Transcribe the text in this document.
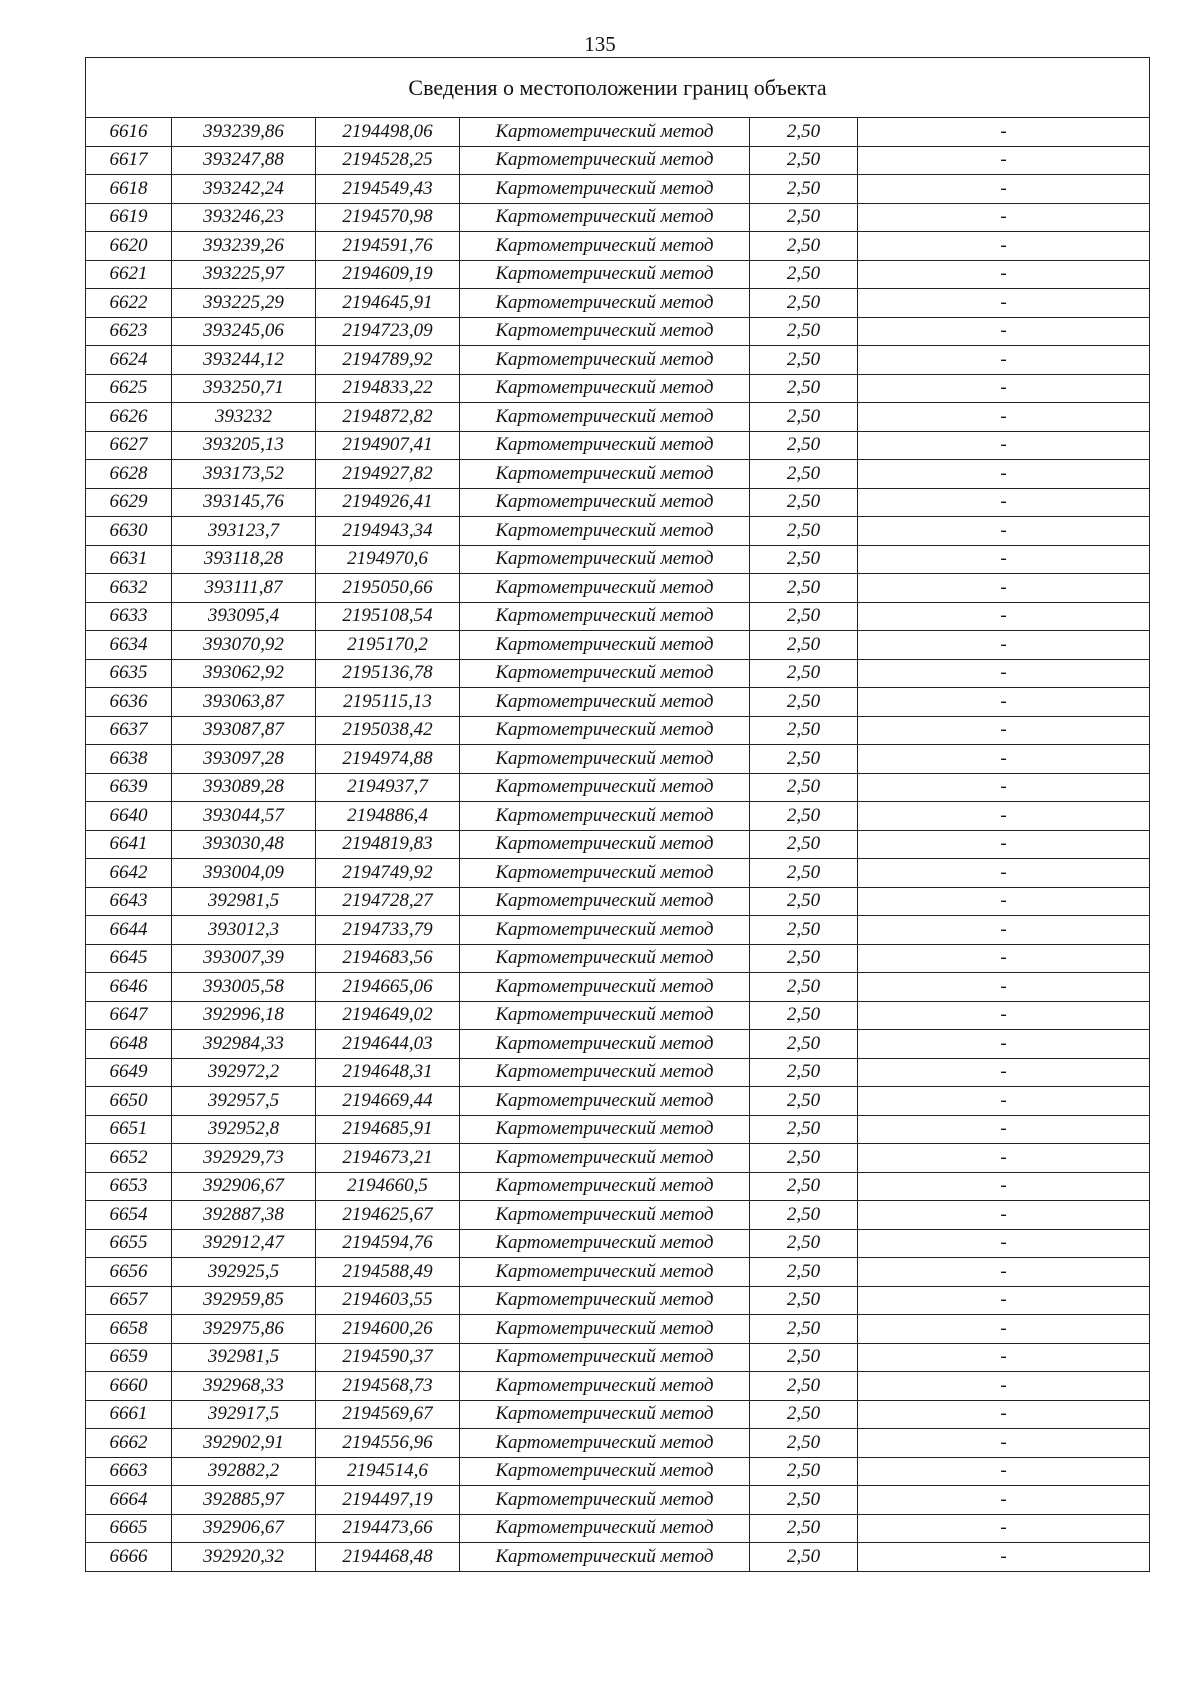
135
Сведения о местоположении границ объекта					
6616	393239,86	2194498,06	Картометрический метод	2,50	-
6617	393247,88	2194528,25	Картометрический метод	2,50	-
6618	393242,24	2194549,43	Картометрический метод	2,50	-
6619	393246,23	2194570,98	Картометрический метод	2,50	-
6620	393239,26	2194591,76	Картометрический метод	2,50	-
6621	393225,97	2194609,19	Картометрический метод	2,50	-
6622	393225,29	2194645,91	Картометрический метод	2,50	-
6623	393245,06	2194723,09	Картометрический метод	2,50	-
6624	393244,12	2194789,92	Картометрический метод	2,50	-
6625	393250,71	2194833,22	Картометрический метод	2,50	-
6626	393232	2194872,82	Картометрический метод	2,50	-
6627	393205,13	2194907,41	Картометрический метод	2,50	-
6628	393173,52	2194927,82	Картометрический метод	2,50	-
6629	393145,76	2194926,41	Картометрический метод	2,50	-
6630	393123,7	2194943,34	Картометрический метод	2,50	-
6631	393118,28	2194970,6	Картометрический метод	2,50	-
6632	393111,87	2195050,66	Картометрический метод	2,50	-
6633	393095,4	2195108,54	Картометрический метод	2,50	-
6634	393070,92	2195170,2	Картометрический метод	2,50	-
6635	393062,92	2195136,78	Картометрический метод	2,50	-
6636	393063,87	2195115,13	Картометрический метод	2,50	-
6637	393087,87	2195038,42	Картометрический метод	2,50	-
6638	393097,28	2194974,88	Картометрический метод	2,50	-
6639	393089,28	2194937,7	Картометрический метод	2,50	-
6640	393044,57	2194886,4	Картометрический метод	2,50	-
6641	393030,48	2194819,83	Картометрический метод	2,50	-
6642	393004,09	2194749,92	Картометрический метод	2,50	-
6643	392981,5	2194728,27	Картометрический метод	2,50	-
6644	393012,3	2194733,79	Картометрический метод	2,50	-
6645	393007,39	2194683,56	Картометрический метод	2,50	-
6646	393005,58	2194665,06	Картометрический метод	2,50	-
6647	392996,18	2194649,02	Картометрический метод	2,50	-
6648	392984,33	2194644,03	Картометрический метод	2,50	-
6649	392972,2	2194648,31	Картометрический метод	2,50	-
6650	392957,5	2194669,44	Картометрический метод	2,50	-
6651	392952,8	2194685,91	Картометрический метод	2,50	-
6652	392929,73	2194673,21	Картометрический метод	2,50	-
6653	392906,67	2194660,5	Картометрический метод	2,50	-
6654	392887,38	2194625,67	Картометрический метод	2,50	-
6655	392912,47	2194594,76	Картометрический метод	2,50	-
6656	392925,5	2194588,49	Картометрический метод	2,50	-
6657	392959,85	2194603,55	Картометрический метод	2,50	-
6658	392975,86	2194600,26	Картометрический метод	2,50	-
6659	392981,5	2194590,37	Картометрический метод	2,50	-
6660	392968,33	2194568,73	Картометрический метод	2,50	-
6661	392917,5	2194569,67	Картометрический метод	2,50	-
6662	392902,91	2194556,96	Картометрический метод	2,50	-
6663	392882,2	2194514,6	Картометрический метод	2,50	-
6664	392885,97	2194497,19	Картометрический метод	2,50	-
6665	392906,67	2194473,66	Картометрический метод	2,50	-
6666	392920,32	2194468,48	Картометрический метод	2,50	-
